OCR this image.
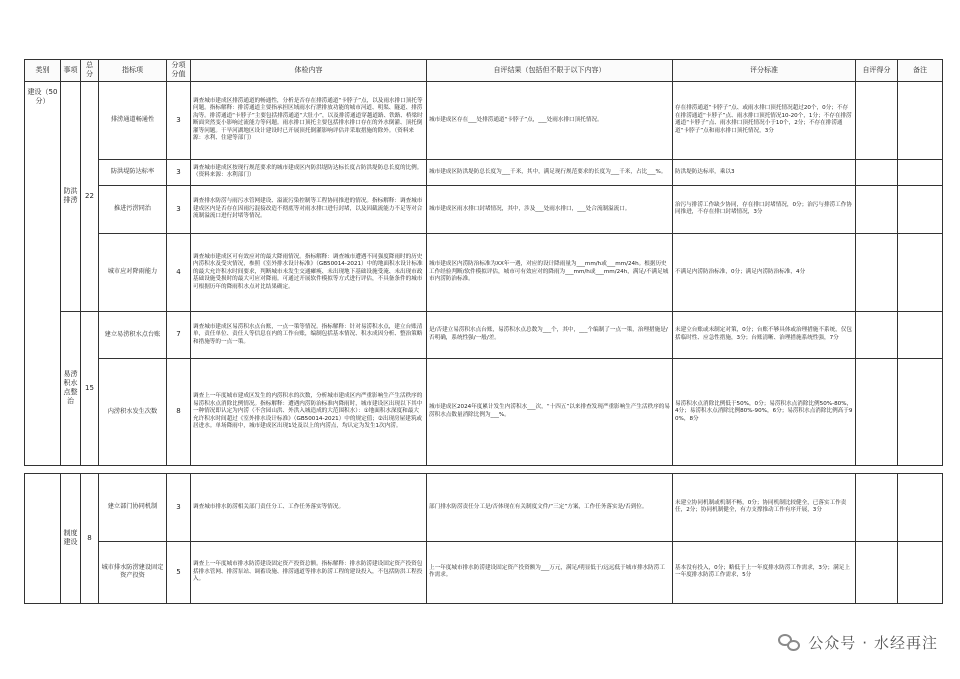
类别	事项	总分	指标项	分项分值	体检内容	自评结果（包括但不限于以下内容）	评分标准	自评得分	备注
建设（50分）	防洪排涝	22	排涝通道畅通性	3	调查城市建成区排涝通道的畅通性，分析是否存在排涝通道“卡脖子”点，以及雨水排口顶托等问题。指标解释：排涝通道主要指承担区域雨水行泄排放功能的城市河道、明渠、隧道、排涝沟等。排涝通道“卡脖子”主要包括排涝通道“大肚小”，以及排涝通道穿越道路、铁路、桥梁时断面突然变小影响过流能力等问题。雨水排口顶托主要包括排水排口存在的外水倒灌、顶托倒灌等问题。干旱河湖地区设计建设时已开展顶托倒灌影响评估并采取措施的除外。（资料来源：水利、住建等部门）	城市建成区存在___处排涝通道“卡脖子”点，___处雨水排口顶托情况。	存在排涝通道“卡脖子”点、或雨水排口顶托情况超过20个，0分；不存在排涝通道“卡脖子”点、雨水排口顶托情况10-20个，1分；不存在排涝通道“卡脖子”点、雨水排口顶托情况小于10个，2分；不存在排涝通道“卡脖子”点和雨水排口顶托情况，3分		
			防洪堤防达标率	3	调查城市建成区按现行规范要求的城市建成区内防洪堤防达标长度占防洪堤防总长度的比例。（资料来源：水利部门）	城市建成区防洪堤防总长度为___千米，其中，满足现行规范要求的长度为___千米，占比___%。	防洪堤防达标率，乘以3		
			推进污涝同治	3	调查排水防涝与雨污水管网建设、溢流污染控制等工程协同推进的情况。指标解释：调查城市建成区内是否存在因雨污混接改造不彻底等对雨水排口进行封堵，以及因截流能力不足等对合流制溢流口进行封堵等情况。	城市建成区雨水排口封堵情况，其中，涉及___处雨水排口，___处合流制溢流口。	治污与排涝工作缺少协同，存在排口封堵情况，0分；治污与排涝工作协同推进，不存在排口封堵情况，3分		
			城市应对降雨能力	4	调查城市建成区可有效应对的最大降雨情况。指标解释：调查城市遭遇不同强度降雨时的历史内涝积水及受灾情况，参照《室外排水设计标准》（GB50014-2021）中的地面积水设计标准的最大允许积水时间要求，判断城市未发生交通瘫痪、未出现地下基础设施受淹、未出现市政基础设施受损时的最大可应对降雨。可通过开展软件模拟等方式进行评估，不具备条件的城市可根据历年的降雨积水点对比结果确定。	城市建成区内涝防治标准为XX年一遇，对应的设计降雨量为___mm/h或___mm/24h。根据历史工作经验判断/软件模拟评估，城市可有效应对的降雨为___mm/h或___mm/24h，满足/不满足城市内涝防治标准。	不满足内涝防治标准，0分；满足内涝防治标准，4分		
	易涝积水点整治	15	建立易涝积水点台账	7	调查城市建成区易涝积水点台账，一点一策等情况。指标解释：针对易涝积水点，建立台账清单，责任单位、责任人等信息在内的工作台账，编制包括基本情况、积水成因分析、整治策略和措施等的一点一策。	是/否建立易涝积水点台账，易涝积水点总数为___个，其中，___个编制了一点一策，治理措施是/否明确，系统性强/一般/差。	未建立台账或未制定对策，0分；台账不够具体或治理措施不系统，仅包括临时性、应急性措施，3分；台账清晰、治理措施系统性强，7分		
			内涝积水发生次数	8	调查上一年度城市建成区发生的内涝积水的次数，分析城市建成区内严重影响生产生活秩序的易涝积水点消除比例情况。指标解释：遭遇内涝防治标准内降雨时，城市建设区出现以下其中一种情况即认定为内涝（不含园山洪、外洪入城造成的大范围积水）：①地面积水深度和最大允许积水时间超过《室外排水设计标准》（GB50014-2021）中的规定值；②出现房屋建筑或居进水。单场降雨中，城市建成区出现1处及以上的内涝点，均认定为发生1次内涝。	城市建成区2024年度累计发生内涝积水___次，“十四五”以来排查发现严重影响生产生活秩序的易涝积水点数量消除比例为___%。	易涝积水点消除比例低于50%，0分；易涝积水点消除比例50%-80%，4分；易涝积水点消除比例80%-90%，6分；易涝积水点消除比例高于90%，8分		

	制度建设	8	建立部门协同机制	3	调查城市排水防涝相关部门责任分工、工作任务落实等情况。	部门排水防涝责任分工是/否体现在有关制度文件/“三定”方案，工作任务落实是/否到位。	未建立协同机制或机制不畅，0分；协同机制比较健全，已落实工作责任，2分；协同机制健全，有力支撑推动工作有序开展，3分		
			城市排水防涝建设固定资产投资	5	调查上一年度城市排水防涝建设固定资产投资总额。指标解释：排水防涝建设固定资产投资包括排水管网、排涝泵站、调蓄设施、排涝通道等排水防涝工程的建设投入，不包括防洪工程投入。	上一年度城市排水防涝建设固定资产投资额为___万元，满足/明显低于/远远低于城市排水防涝工作需求。	基本没有投入，0分；略低于上一年度排水防涝工作需求，3分；满足上一年度排水防涝工作需求，5分		
公众号 · 水经再注
